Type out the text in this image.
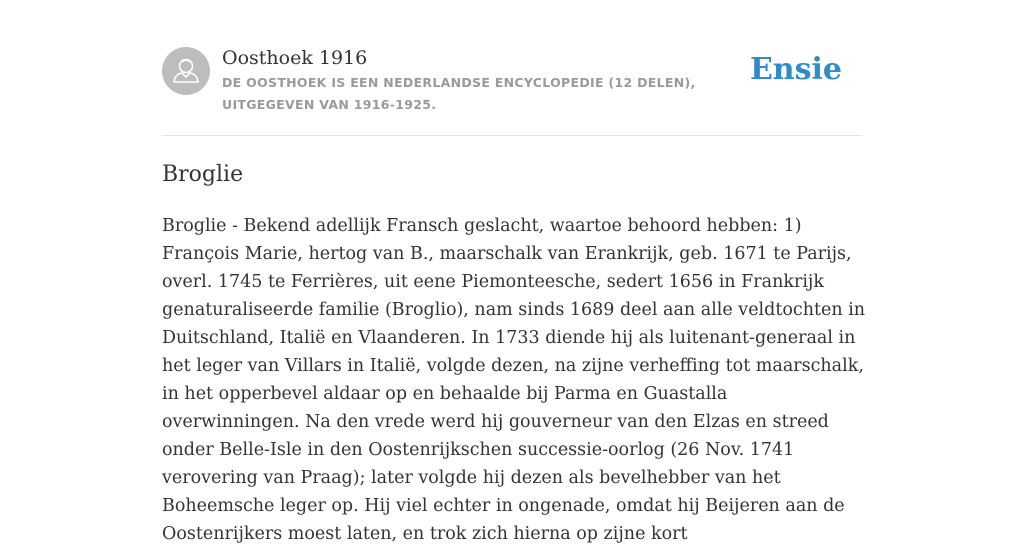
Oosthoek 1916
DE OOSTHOEK IS EEN NEDERLANDSE ENCYCLOPEDIE (12 DELEN), UITGEGEVEN VAN 1916-1925.
Ensie
Broglie

Broglie - Bekend adellijk Fransch geslacht, waartoe behoord hebben: 1) François Marie, hertog van B., maarschalk van Erankrijk, geb. 1671 te Parijs, overl. 1745 te Ferrières, uit eene Piemonteesche, sedert 1656 in Frankrijk genaturaliseerde familie (Broglio), nam sinds 1689 deel aan alle veldtochten in Duitschland, Italië en Vlaanderen. In 1733 diende hij als luitenant-generaal in het leger van Villars in Italië, volgde dezen, na zijne verheffing tot maarschalk, in het opperbevel aldaar op en behaalde bij Parma en Guastalla overwinningen. Na den vrede werd hij gouverneur van den Elzas en streed onder Belle-Isle in den Oostenrijkschen successie-oorlog (26 Nov. 1741 verovering van Praag); later volgde hij dezen als bevelhebber van het Boheemsche leger op. Hij viel echter in ongenade, omdat hij Beijeren aan de Oostenrijkers moest laten, en trok zich hierna op zijne kort
